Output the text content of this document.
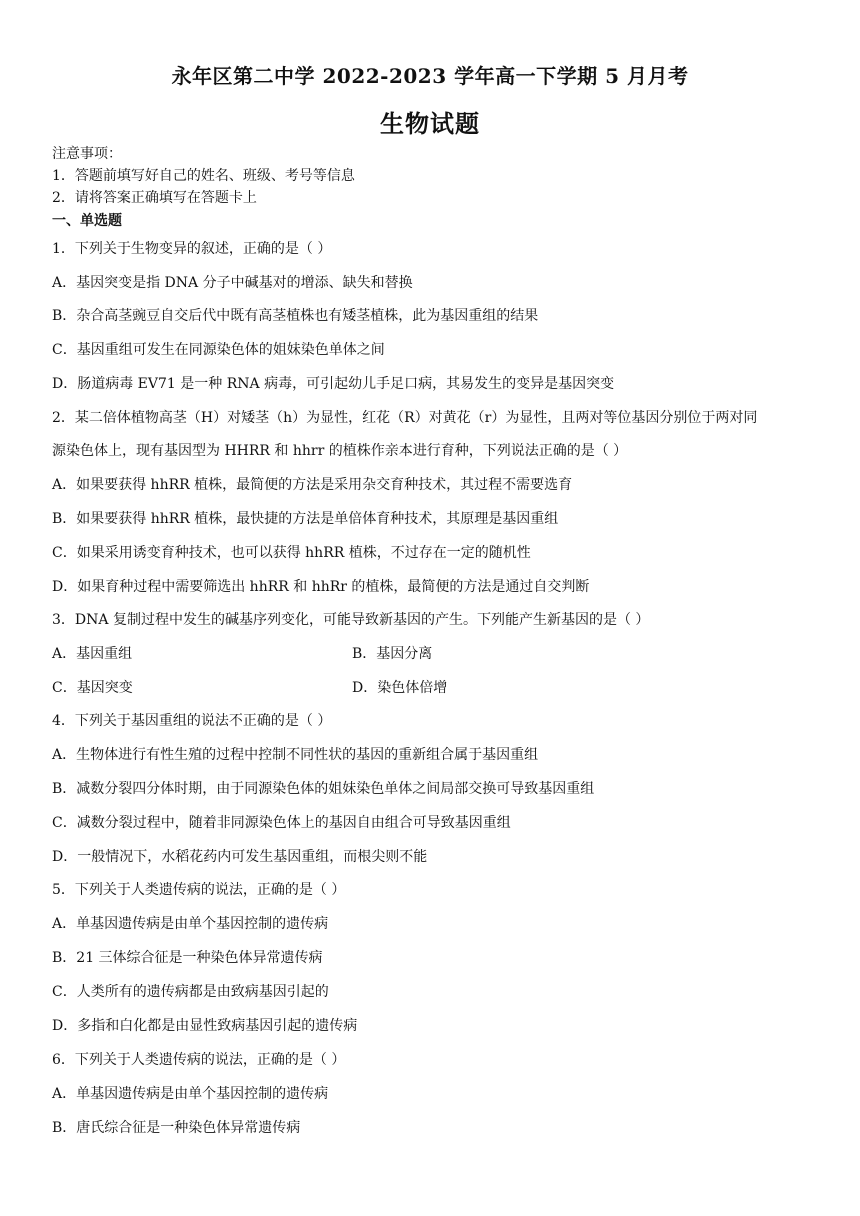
永年区第二中学 2022-2023 学年高一下学期 5 月月考
生物试题
注意事项：
1．答题前填写好自己的姓名、班级、考号等信息
2．请将答案正确填写在答题卡上
一、单选题
1．下列关于生物变异的叙述，正确的是（ ）
A．基因突变是指 DNA 分子中碱基对的增添、缺失和替换
B．杂合高茎豌豆自交后代中既有高茎植株也有矮茎植株，此为基因重组的结果
C．基因重组可发生在同源染色体的姐妹染色单体之间
D．肠道病毒 EV71 是一种 RNA 病毒，可引起幼儿手足口病，其易发生的变异是基因突变
2．某二倍体植物高茎（H）对矮茎（h）为显性，红花（R）对黄花（r）为显性，且两对等位基因分别位于两对同
源染色体上，现有基因型为 HHRR 和 hhrr 的植株作亲本进行育种，下列说法正确的是（ ）
A．如果要获得 hhRR 植株，最简便的方法是采用杂交育种技术，其过程不需要选育
B．如果要获得 hhRR 植株，最快捷的方法是单倍体育种技术，其原理是基因重组
C．如果采用诱变育种技术，也可以获得 hhRR 植株，不过存在一定的随机性
D．如果育种过程中需要筛选出 hhRR 和 hhRr 的植株，最简便的方法是通过自交判断
3．DNA 复制过程中发生的碱基序列变化，可能导致新基因的产生。下列能产生新基因的是（ ）
A．基因重组	B．基因分离
C．基因突变	D．染色体倍增
4．下列关于基因重组的说法不正确的是（ ）
A．生物体进行有性生殖的过程中控制不同性状的基因的重新组合属于基因重组
B．减数分裂四分体时期，由于同源染色体的姐妹染色单体之间局部交换可导致基因重组
C．减数分裂过程中，随着非同源染色体上的基因自由组合可导致基因重组
D．一般情况下，水稻花药内可发生基因重组，而根尖则不能
5．下列关于人类遗传病的说法，正确的是（ ）
A．单基因遗传病是由单个基因控制的遗传病
B．21 三体综合征是一种染色体异常遗传病
C．人类所有的遗传病都是由致病基因引起的
D．多指和白化都是由显性致病基因引起的遗传病
6．下列关于人类遗传病的说法，正确的是（ ）
A．单基因遗传病是由单个基因控制的遗传病
B．唐氏综合征是一种染色体异常遗传病
